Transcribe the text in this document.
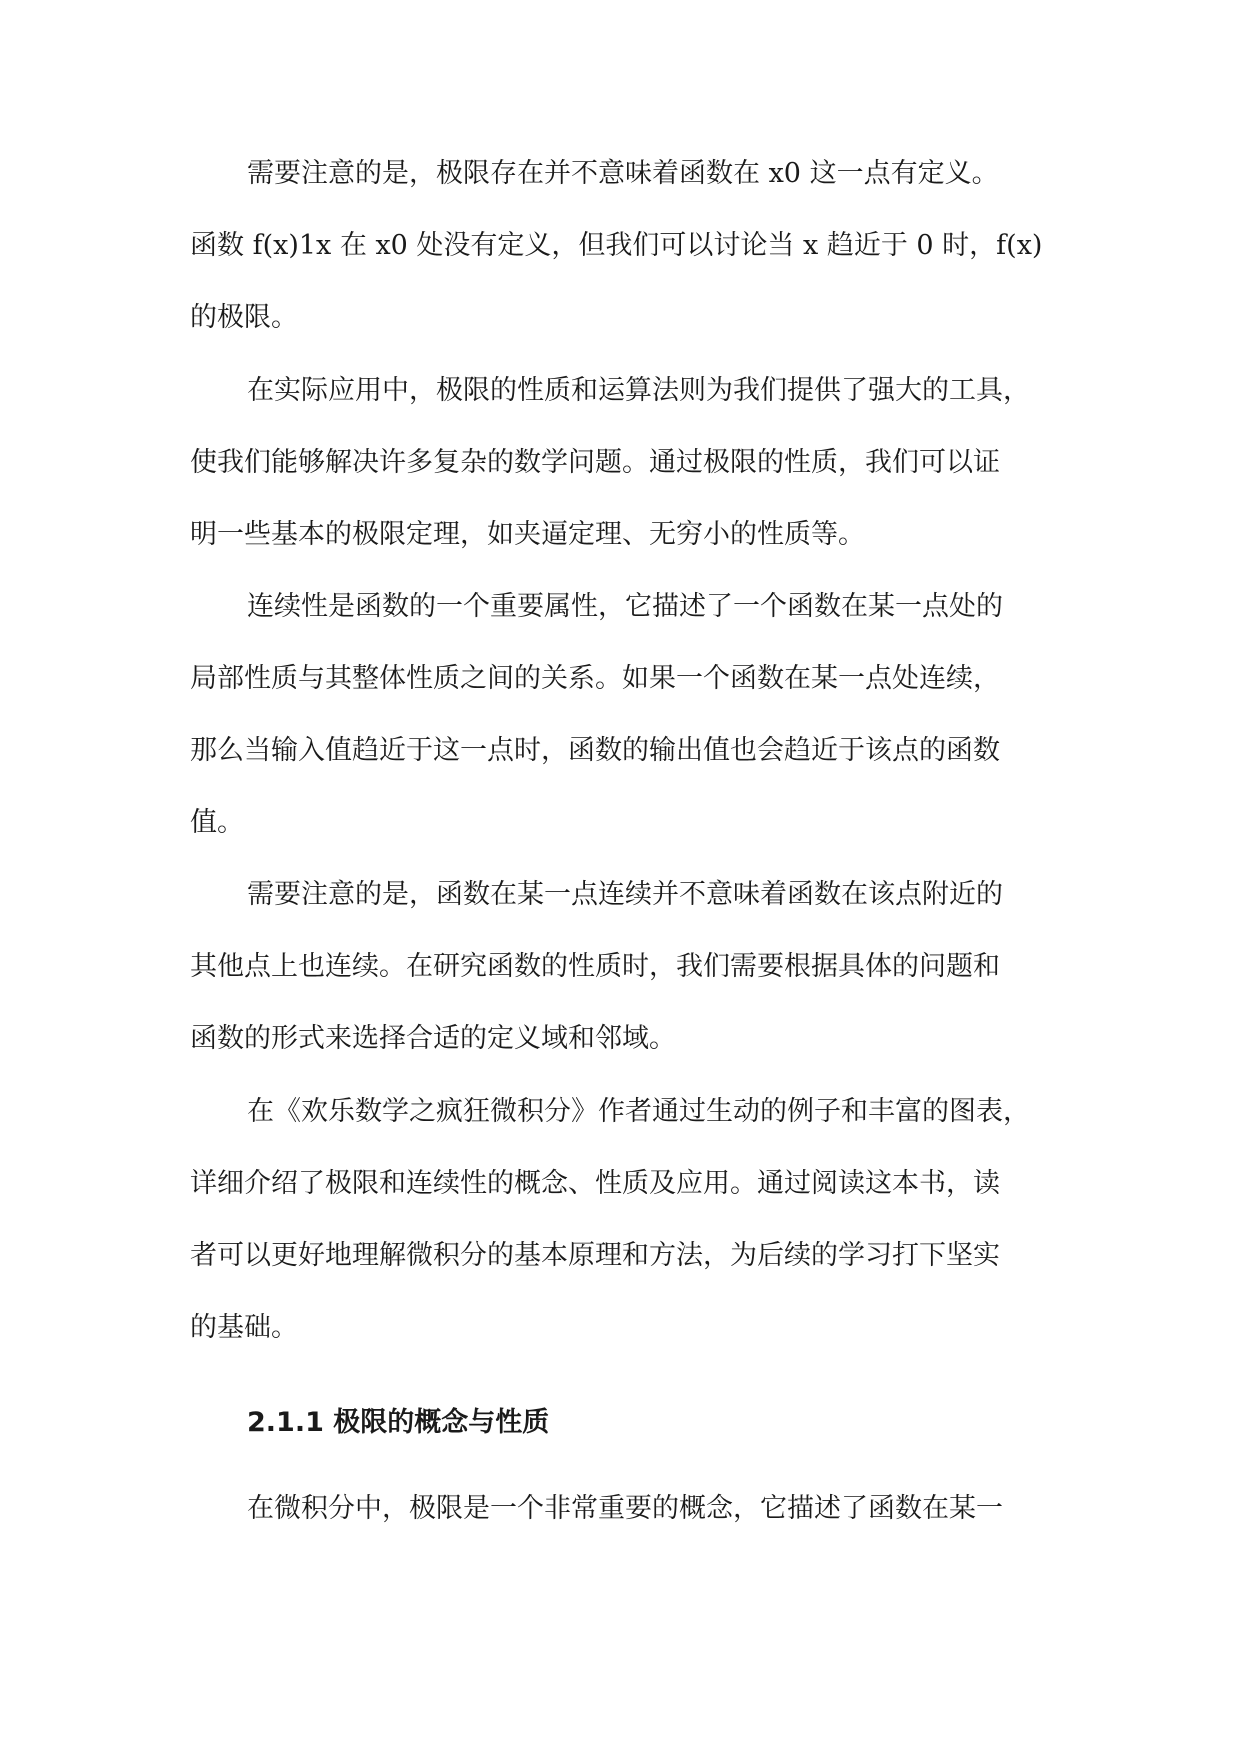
需要注意的是，极限存在并不意味着函数在 x0 这一点有定义。
函数 f(x)1x 在 x0 处没有定义，但我们可以讨论当 x 趋近于 0 时，f(x)
的极限。
在实际应用中，极限的性质和运算法则为我们提供了强大的工具，
使我们能够解决许多复杂的数学问题。通过极限的性质，我们可以证
明一些基本的极限定理，如夹逼定理、无穷小的性质等。
连续性是函数的一个重要属性，它描述了一个函数在某一点处的
局部性质与其整体性质之间的关系。如果一个函数在某一点处连续，
那么当输入值趋近于这一点时，函数的输出值也会趋近于该点的函数
值。
需要注意的是，函数在某一点连续并不意味着函数在该点附近的
其他点上也连续。在研究函数的性质时，我们需要根据具体的问题和
函数的形式来选择合适的定义域和邻域。
在《欢乐数学之疯狂微积分》作者通过生动的例子和丰富的图表，
详细介绍了极限和连续性的概念、性质及应用。通过阅读这本书，读
者可以更好地理解微积分的基本原理和方法，为后续的学习打下坚实
的基础。
2.1.1 极限的概念与性质
在微积分中，极限是一个非常重要的概念，它描述了函数在某一
